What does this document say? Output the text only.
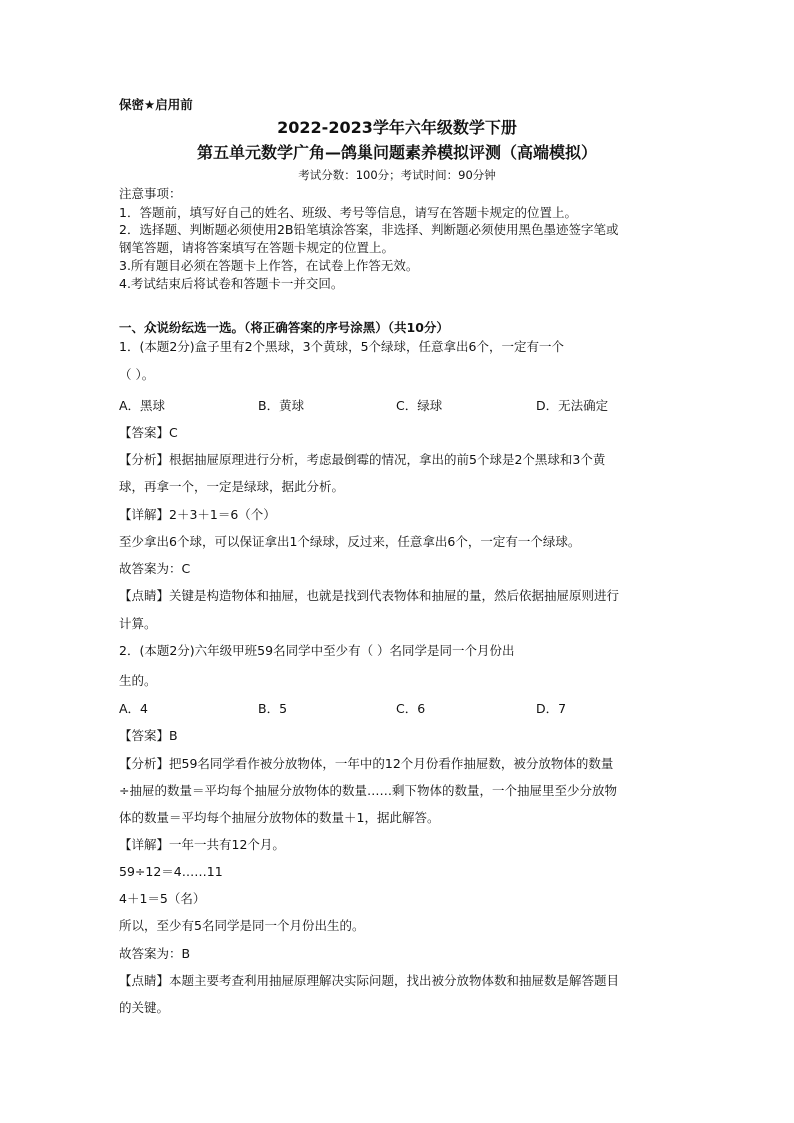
保密★启用前
2022-2023学年六年级数学下册
第五单元数学广角—鸽巢问题素养模拟评测（高端模拟）
考试分数：100分；考试时间：90分钟
注意事项：
1．答题前，填写好自己的姓名、班级、考号等信息，请写在答题卡规定的位置上。
2．选择题、判断题必须使用2B铅笔填涂答案，非选择、判断题必须使用黑色墨迹签字笔或
钢笔答题，请将答案填写在答题卡规定的位置上。
3.所有题目必须在答题卡上作答，在试卷上作答无效。
4.考试结束后将试卷和答题卡一并交回。
一、众说纷纭选一选。（将正确答案的序号涂黑）（共10分）
1．(本题2分)盒子里有2个黑球，3个黄球，5个绿球，任意拿出6个，一定有一个
（ ）。
A．黑球	B．黄球	C．绿球	D．无法确定
【答案】C
【分析】根据抽屉原理进行分析，考虑最倒霉的情况，拿出的前5个球是2个黑球和3个黄
球，再拿一个，一定是绿球，据此分析。
【详解】2＋3＋1＝6（个）
至少拿出6个球，可以保证拿出1个绿球，反过来，任意拿出6个，一定有一个绿球。
故答案为：C
【点睛】关键是构造物体和抽屉，也就是找到代表物体和抽屉的量，然后依据抽屉原则进行
计算。
2．(本题2分)六年级甲班59名同学中至少有（ ）名同学是同一个月份出
生的。
A．4	B．5	C．6	D．7
【答案】B
【分析】把59名同学看作被分放物体，一年中的12个月份看作抽屉数，被分放物体的数量
÷抽屉的数量＝平均每个抽屉分放物体的数量……剩下物体的数量，一个抽屉里至少分放物
体的数量＝平均每个抽屉分放物体的数量＋1，据此解答。
【详解】一年一共有12个月。
59÷12＝4……11
4＋1＝5（名）
所以，至少有5名同学是同一个月份出生的。
故答案为：B
【点睛】本题主要考查利用抽屉原理解决实际问题，找出被分放物体数和抽屉数是解答题目
的关键。
